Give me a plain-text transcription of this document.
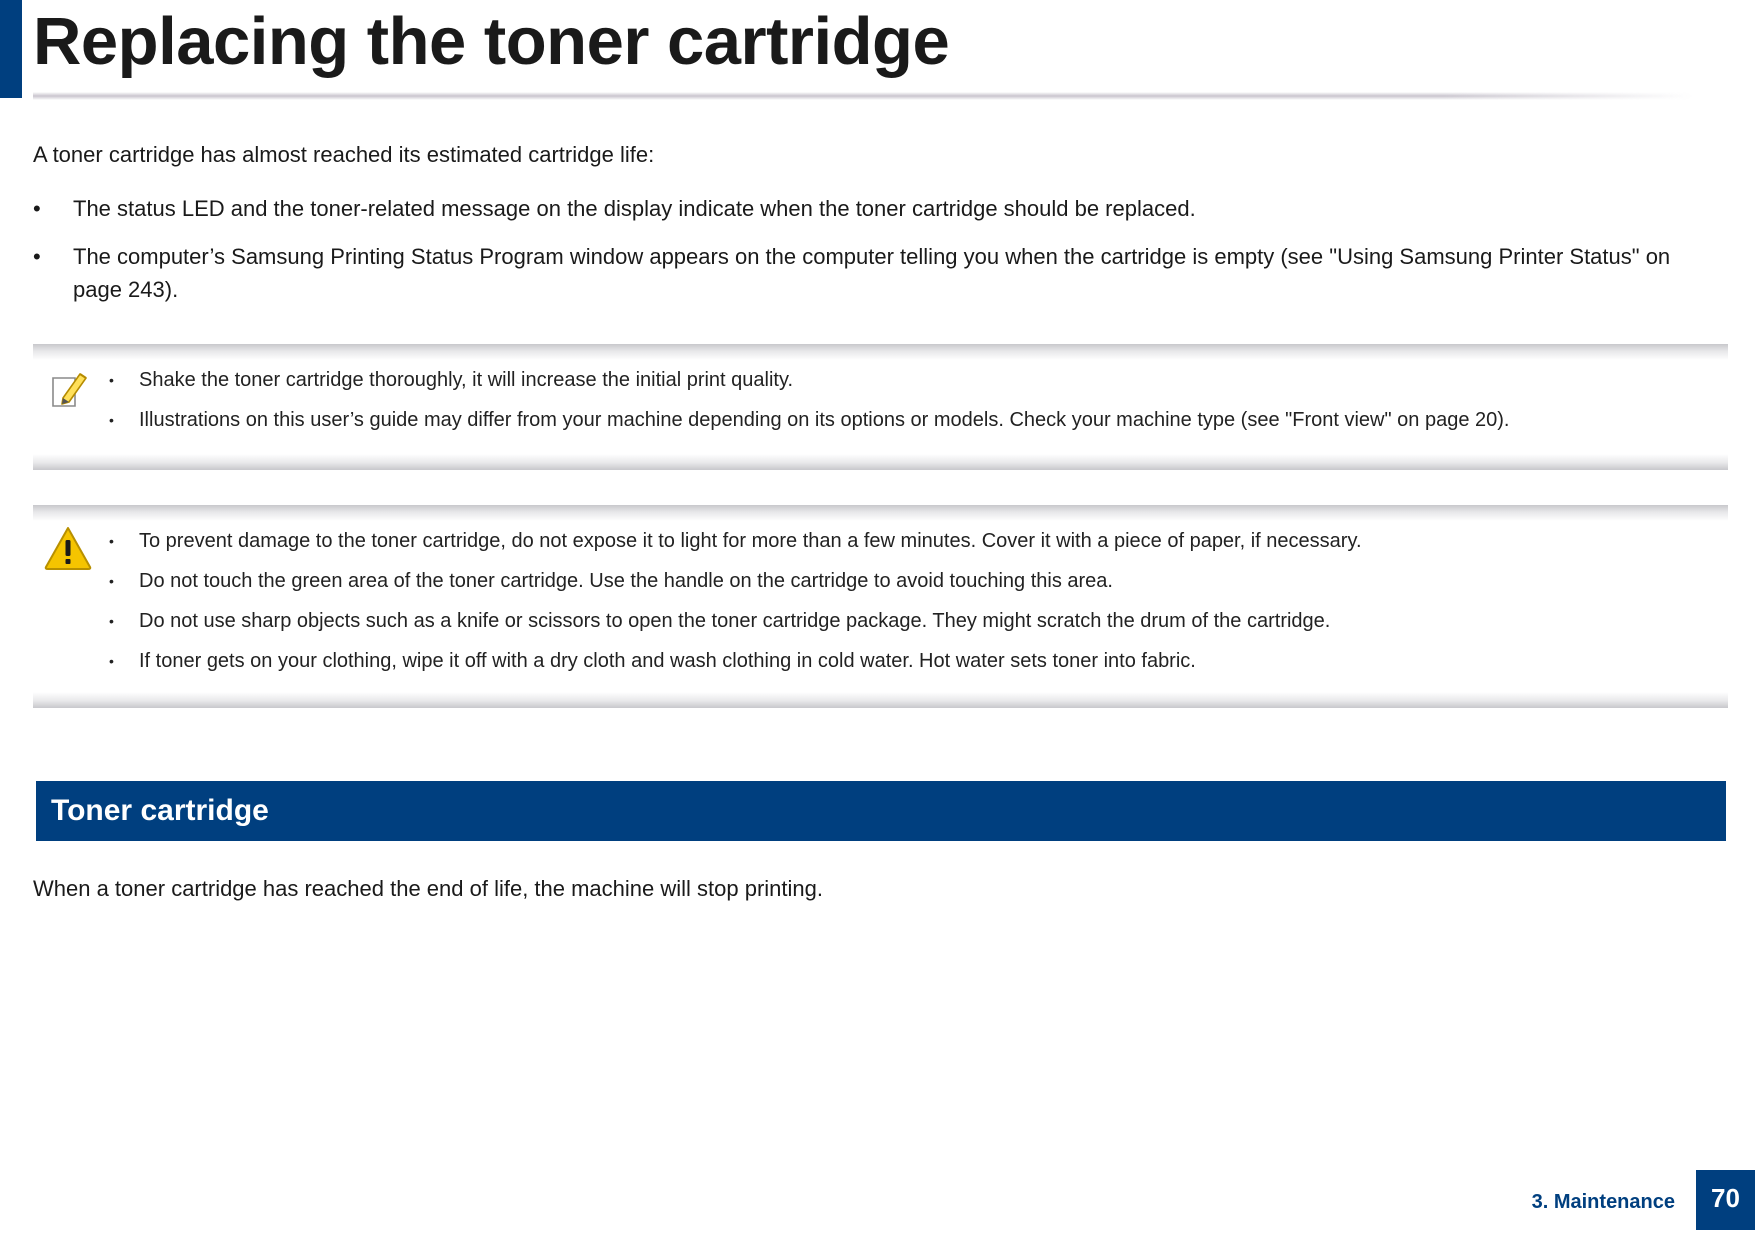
Replacing the toner cartridge

A toner cartridge has almost reached its estimated cartridge life:

• The status LED and the toner-related message on the display indicate when the toner cartridge should be replaced.
• The computer’s Samsung Printing Status Program window appears on the computer telling you when the cartridge is empty (see "Using Samsung Printer Status" on page 243).
• Shake the toner cartridge thoroughly, it will increase the initial print quality.
• Illustrations on this user’s guide may differ from your machine depending on its options or models. Check your machine type (see "Front view" on page 20).
• To prevent damage to the toner cartridge, do not expose it to light for more than a few minutes. Cover it with a piece of paper, if necessary.
• Do not touch the green area of the toner cartridge. Use the handle on the cartridge to avoid touching this area.
• Do not use sharp objects such as a knife or scissors to open the toner cartridge package. They might scratch the drum of the cartridge.
• If toner gets on your clothing, wipe it off with a dry cloth and wash clothing in cold water. Hot water sets toner into fabric.
Toner cartridge

When a toner cartridge has reached the end of life, the machine will stop printing.

3. Maintenance	70
